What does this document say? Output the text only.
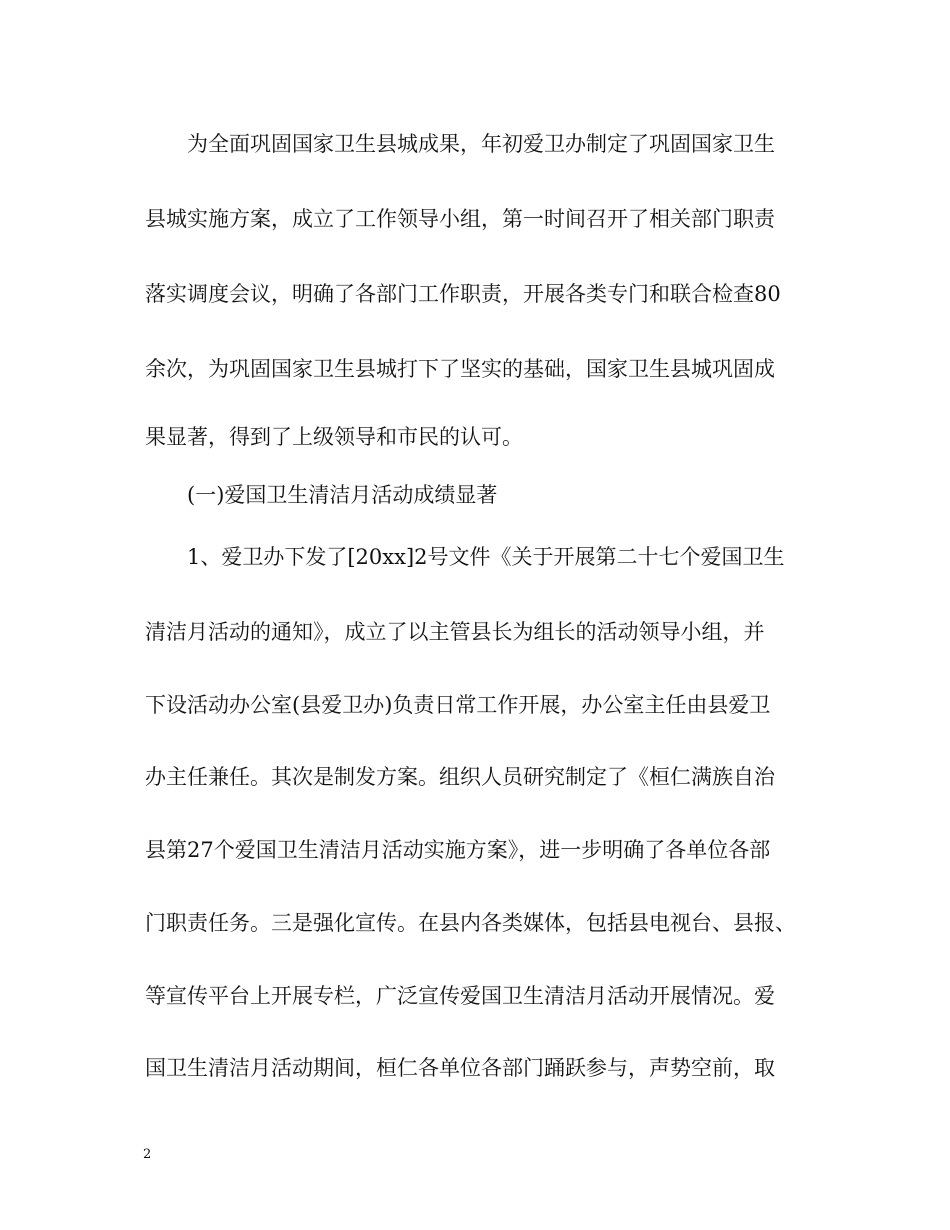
为全面巩固国家卫生县城成果，年初爱卫办制定了巩固国家卫生
县城实施方案，成立了工作领导小组，第一时间召开了相关部门职责
落实调度会议，明确了各部门工作职责，开展各类专门和联合检查80
余次，为巩固国家卫生县城打下了坚实的基础，国家卫生县城巩固成
果显著，得到了上级领导和市民的认可。
(一)爱国卫生清洁月活动成绩显著
1、爱卫办下发了[20xx]2号文件《关于开展第二十七个爱国卫生
清洁月活动的通知》，成立了以主管县长为组长的活动领导小组，并
下设活动办公室(县爱卫办)负责日常工作开展，办公室主任由县爱卫
办主任兼任。其次是制发方案。组织人员研究制定了《桓仁满族自治
县第27个爱国卫生清洁月活动实施方案》，进一步明确了各单位各部
门职责任务。三是强化宣传。在县内各类媒体，包括县电视台、县报、
等宣传平台上开展专栏，广泛宣传爱国卫生清洁月活动开展情况。爱
国卫生清洁月活动期间，桓仁各单位各部门踊跃参与，声势空前，取
2
